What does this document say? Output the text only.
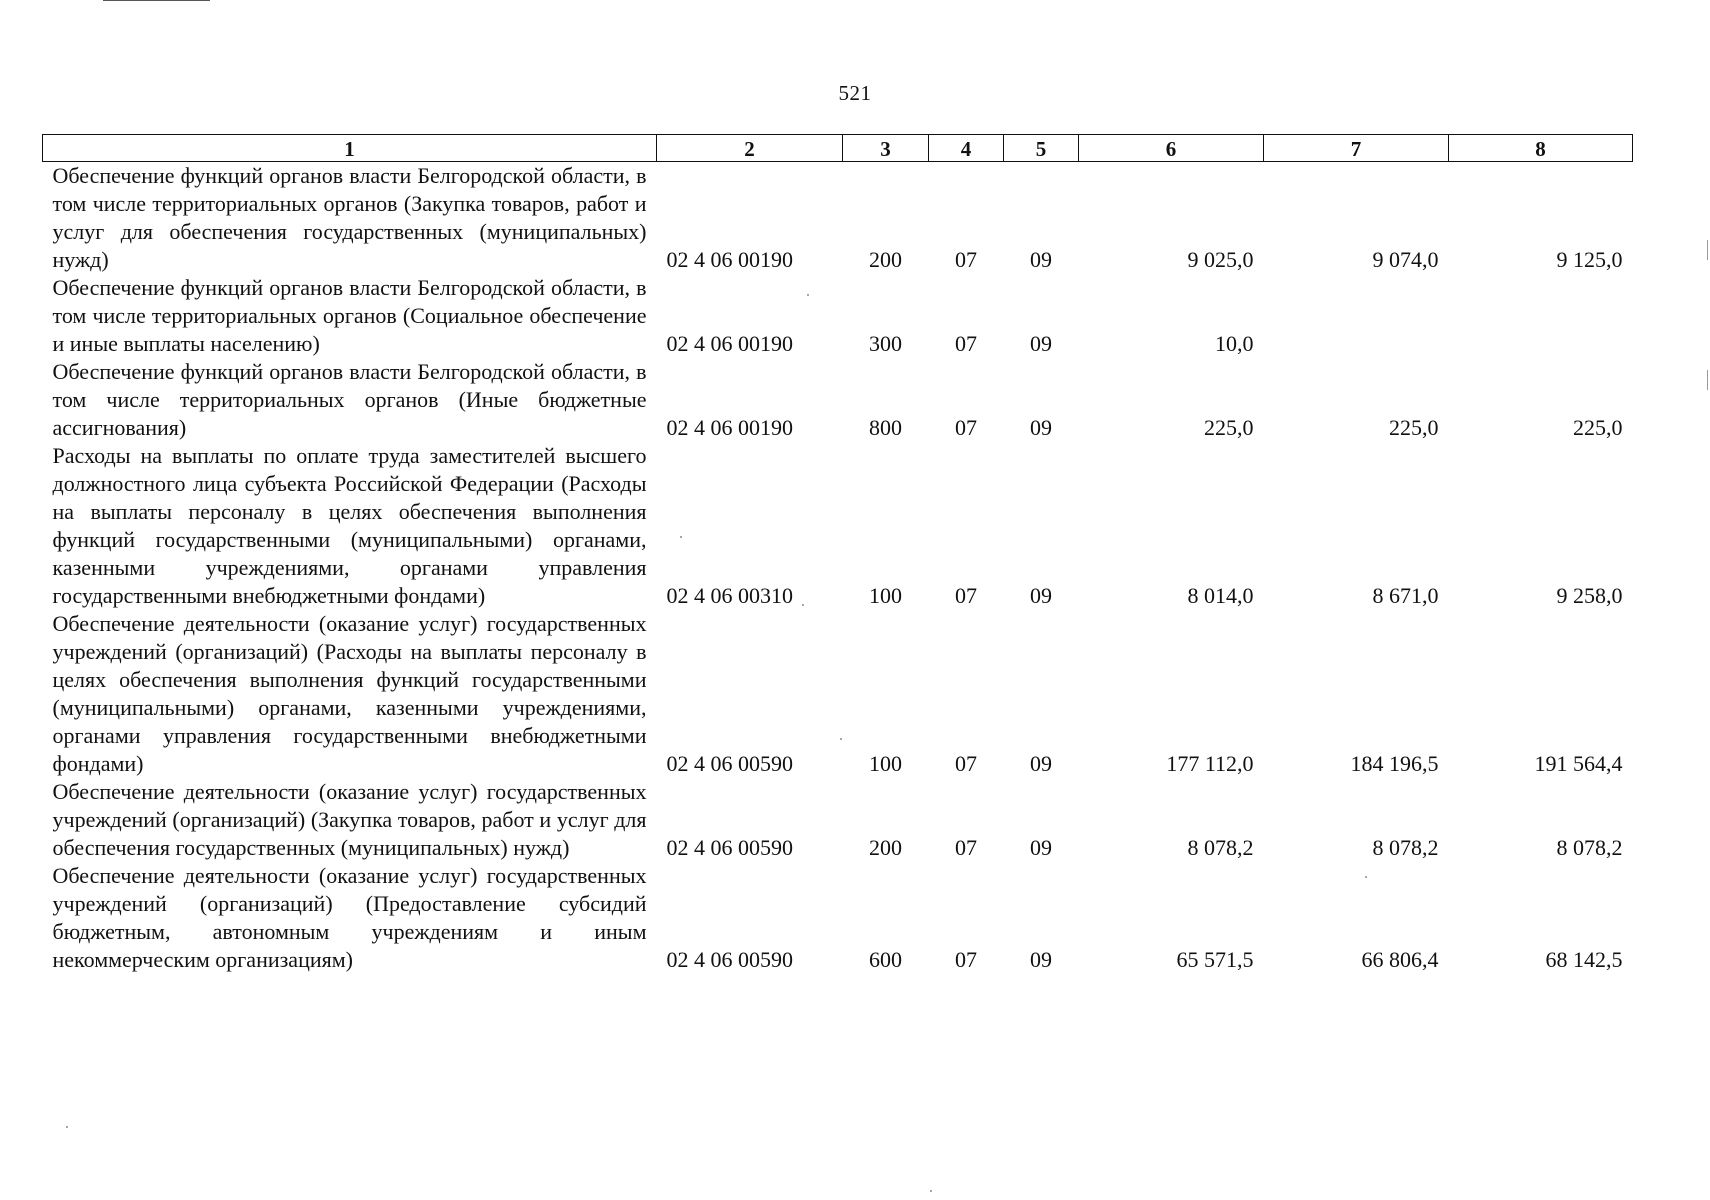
521
1	2	3	4	5	6	7	8
Обеспечение функций органов власти Белгородской области, в том числе территориальных органов (Закупка товаров, работ и услуг для обеспечения государственных (муниципальных) нужд)	02 4 06 00190	200	07	09	9 025,0	9 074,0	9 125,0
Обеспечение функций органов власти Белгородской области, в том числе территориальных органов (Социальное обеспечение и иные выплаты населению)	02 4 06 00190	300	07	09	10,0		
Обеспечение функций органов власти Белгородской области, в том числе территориальных органов (Иные бюджетные ассигнования)	02 4 06 00190	800	07	09	225,0	225,0	225,0
Расходы на выплаты по оплате труда заместителей высшего должностного лица субъекта Российской Федерации (Расходы на выплаты персоналу в целях обеспечения выполнения функций государственными (муниципальными) органами, казенными учреждениями, органами управления государственными внебюджетными фондами)	02 4 06 00310	100	07	09	8 014,0	8 671,0	9 258,0
Обеспечение деятельности (оказание услуг) государственных учреждений (организаций) (Расходы на выплаты персоналу в целях обеспечения выполнения функций государственными (муниципальными) органами, казенными учреждениями, органами управления государственными внебюджетными фондами)	02 4 06 00590	100	07	09	177 112,0	184 196,5	191 564,4
Обеспечение деятельности (оказание услуг) государственных учреждений (организаций) (Закупка товаров, работ и услуг для обеспечения государственных (муниципальных) нужд)	02 4 06 00590	200	07	09	8 078,2	8 078,2	8 078,2
Обеспечение деятельности (оказание услуг) государственных учреждений (организаций) (Предоставление субсидий бюджетным, автономным учреждениям и иным некоммерческим организациям)	02 4 06 00590	600	07	09	65 571,5	66 806,4	68 142,5
